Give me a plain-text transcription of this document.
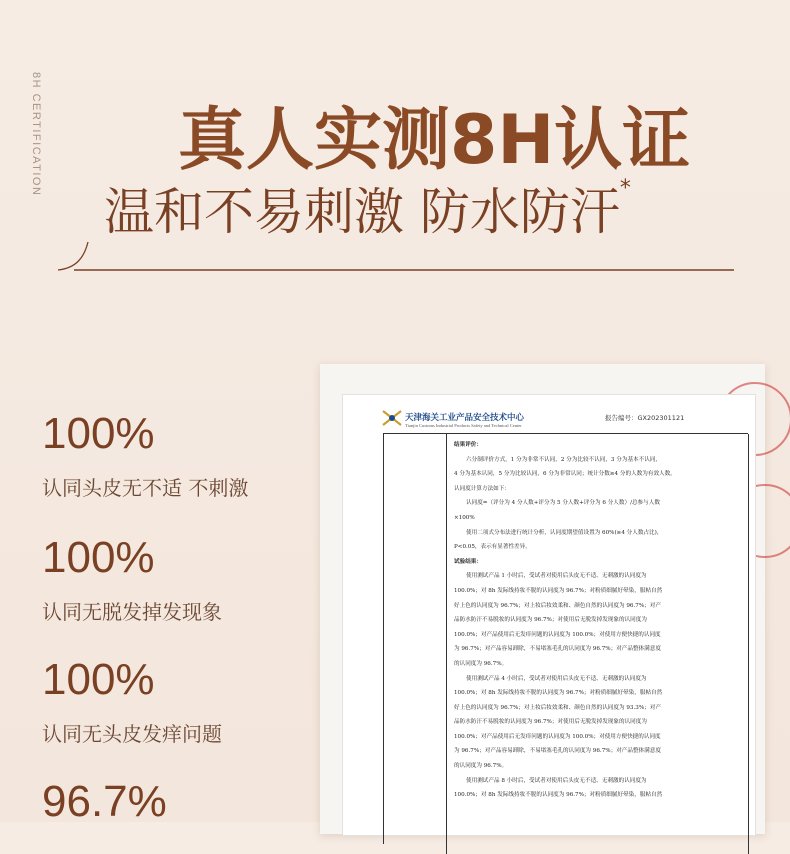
8H CERTIFICATION 真人实测8H认证
温和不易刺激 防水防汗*
100%
认同头皮无不适 不刺激
100%
认同无脱发掉发现象
100%
认同无头皮发痒问题
96.7%
天津海关工业产品安全技术中心
Tianjin Customs Industrial Products Safety and Technical Center
报告编号：GX202301121

结果评价：

六分制评价方式。1 分为非常不认同，2 分为比较不认同，3 分为基本不认同，

4 分为基本认同，5 分为比较认同，6 分为非常认同；统计分数≥4 分的人数为有效人数。

认同度计算方法如下：

认同度=（评分为 4 分人数+评分为 5 分人数+评分为 6 分人数）/总参与人数

×100%

使用二项式分布法进行统计分析，认同度期望值设置为 60%(≥4 分人数占比)，

P<0.05，表示有显著性差异。

试验结果：

使用测试产品 1 小时后，受试者对使用后头皮无不适、无刺激的认同度为

100.0%；对 8h 发际线持妆不脱的认同度为 96.7%；对粉质细腻好晕染，服帖自然

好上色的认同度为 96.7%；对上妆后妆效柔和、颜色自然的认同度为 96.7%；对产

品防水防汗不易脱妆的认同度为 96.7%；对使用后无脱发掉发现象的认同度为

100.0%；对产品使用后无发痒问题的认同度为 100.0%；对使用方便快捷的认同度

为 96.7%；对产品容易卸除，不易堵塞毛孔的认同度为 96.7%；对产品整体满意度

的认同度为 96.7%。

使用测试产品 4 小时后，受试者对使用后头皮无不适、无刺激的认同度为

100.0%；对 8h 发际线持妆不脱的认同度为 96.7%；对粉质细腻好晕染，服帖自然

好上色的认同度为 96.7%；对上妆后妆效柔和、颜色自然的认同度为 93.3%；对产

品防水防汗不易脱妆的认同度为 96.7%；对使用后无脱发掉发现象的认同度为

100.0%；对产品使用后无发痒问题的认同度为 100.0%；对使用方便快捷的认同度

为 96.7%；对产品容易卸除，不易堵塞毛孔的认同度为 96.7%；对产品整体满意度

的认同度为 96.7%。

使用测试产品 8 小时后，受试者对使用后头皮无不适、无刺激的认同度为

100.0%；对 8h 发际线持妆不脱的认同度为 96.7%；对粉质细腻好晕染，服帖自然
